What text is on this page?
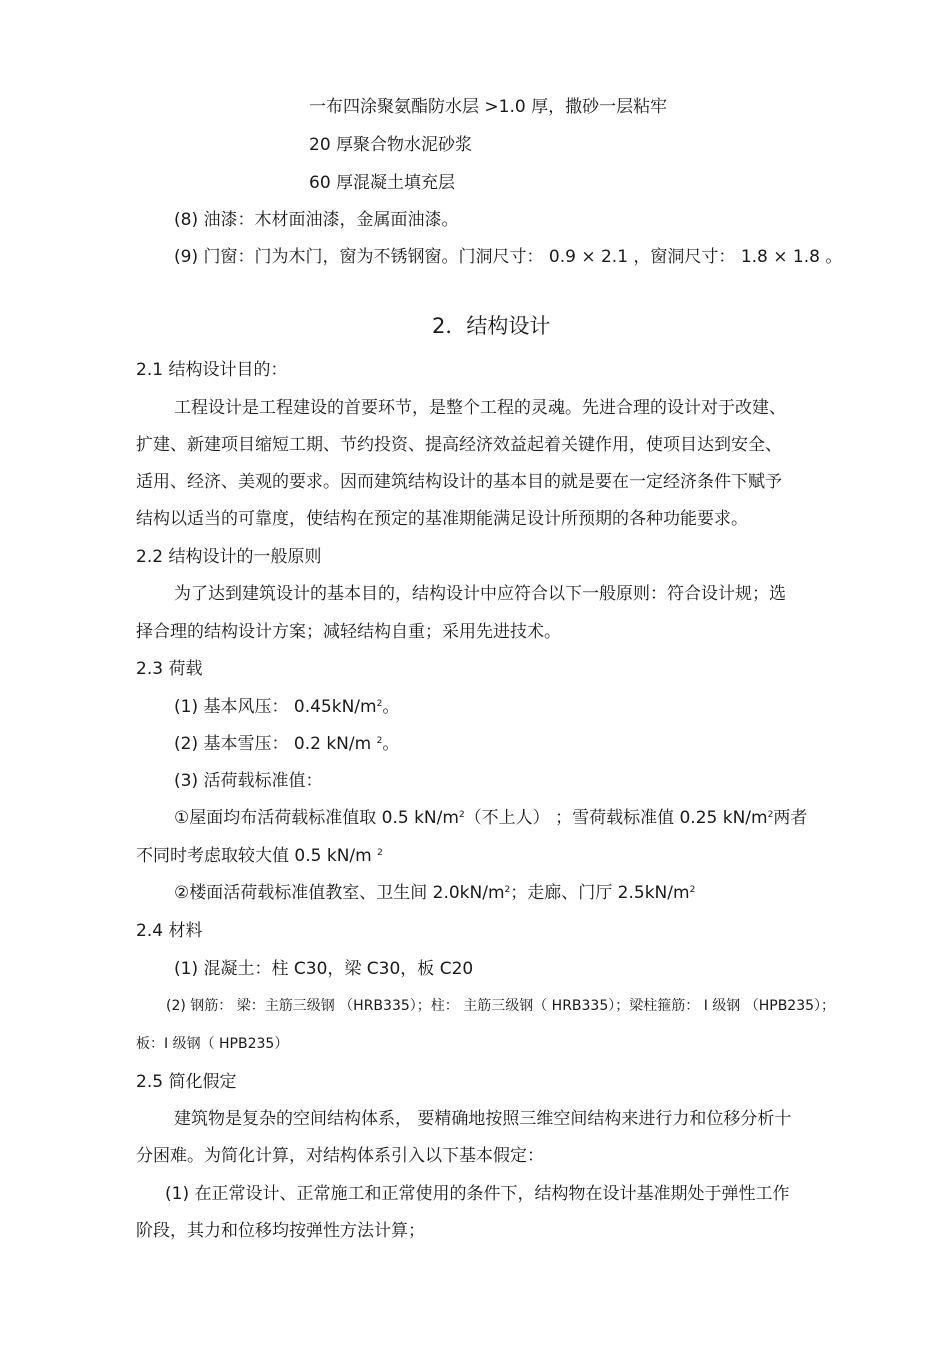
一布四涂聚氨酯防水层 >1.0 厚，撒砂一层粘牢
20 厚聚合物水泥砂浆
60 厚混凝土填充层
(8) 油漆：木材面油漆，金属面油漆。
(9) 门窗：门为木门，窗为不锈钢窗。门洞尺寸： 0.9 × 2.1 ，窗洞尺寸： 1.8 × 1.8 。
2．结构设计
2.1 结构设计目的：
工程设计是工程建设的首要环节，是整个工程的灵魂。先进合理的设计对于改建、
扩建、新建项目缩短工期、节约投资、提高经济效益起着关键作用，使项目达到安全、
适用、经济、美观的要求。因而建筑结构设计的基本目的就是要在一定经济条件下赋予
结构以适当的可靠度，使结构在预定的基准期能满足设计所预期的各种功能要求。
2.2 结构设计的一般原则
为了达到建筑设计的基本目的，结构设计中应符合以下一般原则：符合设计规；选
择合理的结构设计方案；减轻结构自重；采用先进技术。
2.3 荷载
(1) 基本风压： $0.45kN/m^2$。
(2) 基本雪压： 0.2 kN/m $^2$。
(3) 活荷载标准值：
①屋面均布活荷载标准值取 0.5 $kN/m^2$（不上人） ；雪荷载标准值 0.25 $kN/m^2$两者
不同时考虑取较大值 0.5 kN/m $^2$
②楼面活荷载标准值教室、卫生间 $2.0kN/m^2$；走廊、门厅 $2.5kN/m^2$
2.4 材料
(1) 混凝土：柱 C30，梁 C30，板 C20
(2) 钢筋： 梁：主筋三级钢 （HRB335）；柱： 主筋三级钢（ HRB335）；梁柱箍筋： Ⅰ 级钢 （HPB235）；
板：Ⅰ 级钢（ HPB235）
2.5 简化假定
建筑物是复杂的空间结构体系， 要精确地按照三维空间结构来进行力和位移分析十
分困难。为简化计算，对结构体系引入以下基本假定：
(1) 在正常设计、正常施工和正常使用的条件下，结构物在设计基准期处于弹性工作
阶段，其力和位移均按弹性方法计算；
